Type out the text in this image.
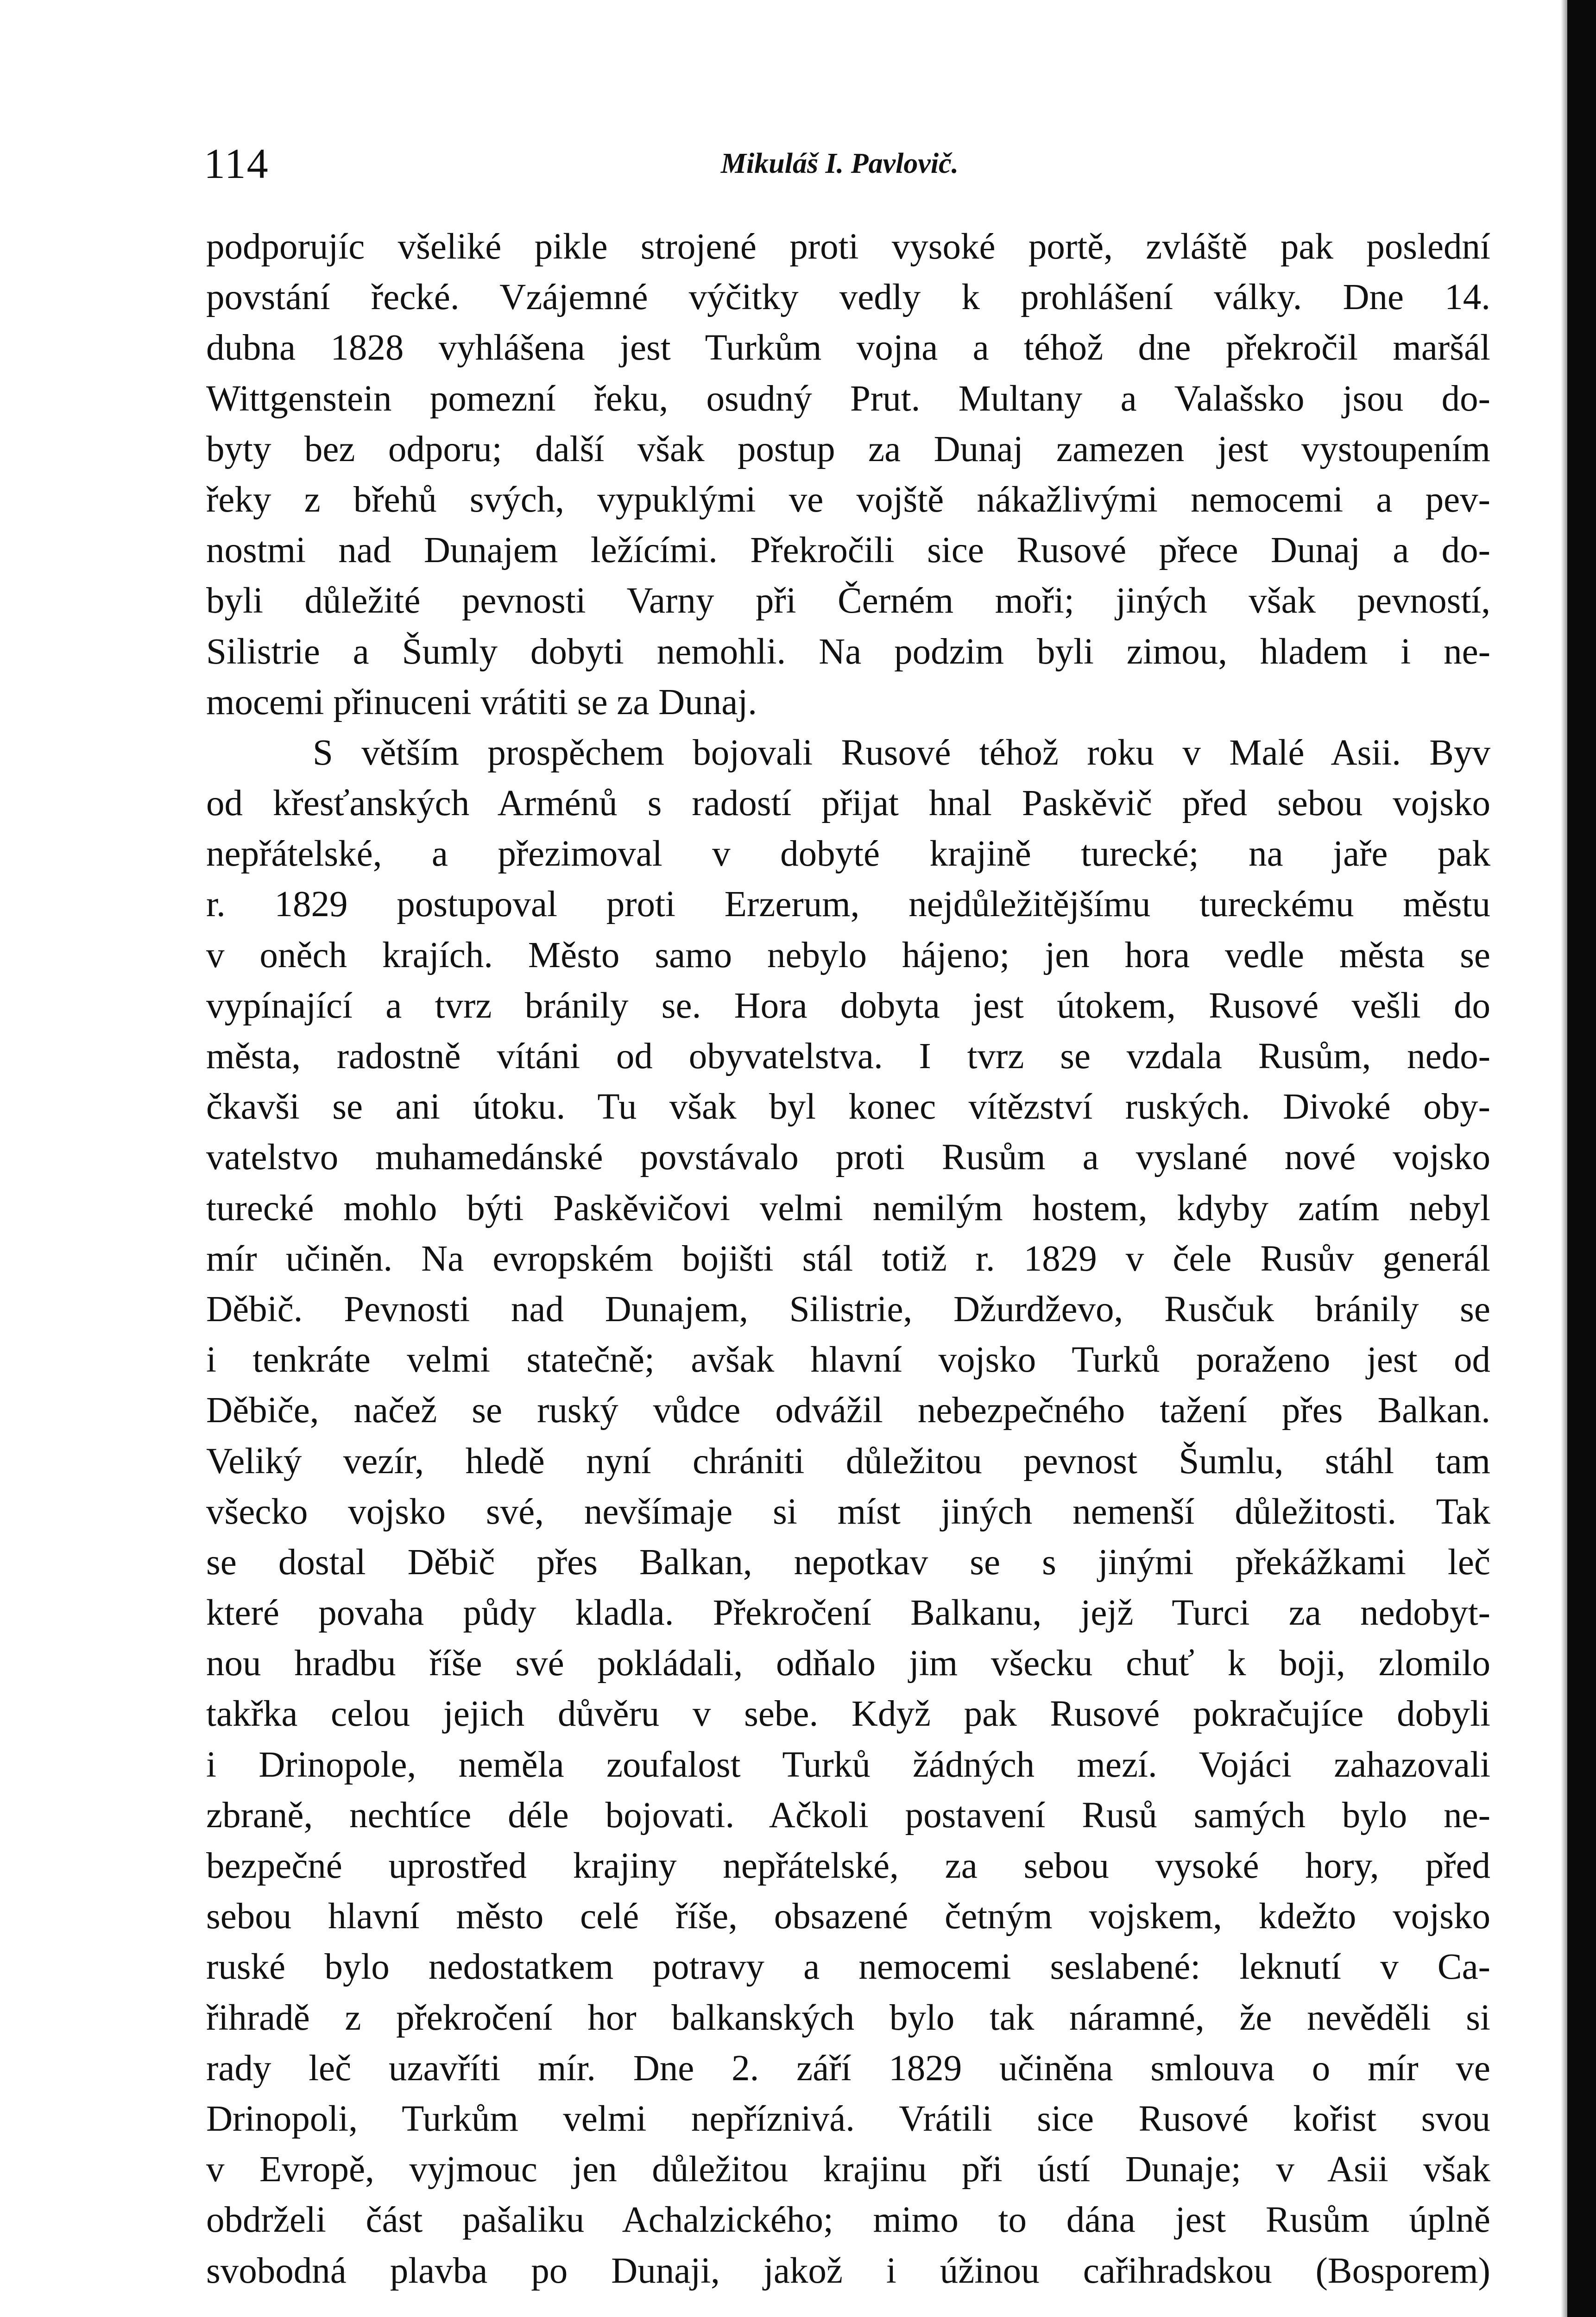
114	Mikuláš I. Pavlovič.
podporujíc všeliké pikle strojené proti vysoké portě, zvláště pak poslední
povstání řecké. Vzájemné výčitky vedly k prohlášení války. Dne 14.
dubna 1828 vyhlášena jest Turkům vojna a téhož dne překročil maršál
Wittgenstein pomezní řeku, osudný Prut. Multany a Valašsko jsou do-
byty bez odporu; další však postup za Dunaj zamezen jest vystoupením
řeky z břehů svých, vypuklými ve vojště nákažlivými nemocemi a pev-
nostmi nad Dunajem ležícími. Překročili sice Rusové přece Dunaj a do-
byli důležité pevnosti Varny při Černém moři; jiných však pevností,
Silistrie a Šumly dobyti nemohli. Na podzim byli zimou, hladem i ne-
mocemi přinuceni vrátiti se za Dunaj.
S větším prospěchem bojovali Rusové téhož roku v Malé Asii. Byv
od křesťanských Arménů s radostí přijat hnal Paskěvič před sebou vojsko
nepřátelské, a přezimoval v dobyté krajině turecké; na jaře pak
r. 1829 postupoval proti Erzerum, nejdůležitějšímu tureckému městu
v oněch krajích. Město samo nebylo hájeno; jen hora vedle města se
vypínající a tvrz bránily se. Hora dobyta jest útokem, Rusové vešli do
města, radostně vítáni od obyvatelstva. I tvrz se vzdala Rusům, nedo-
čkavši se ani útoku. Tu však byl konec vítězství ruských. Divoké oby-
vatelstvo muhamedánské povstávalo proti Rusům a vyslané nové vojsko
turecké mohlo býti Paskěvičovi velmi nemilým hostem, kdyby zatím nebyl
mír učiněn. Na evropském bojišti stál totiž r. 1829 v čele Rusův generál
Děbič. Pevnosti nad Dunajem, Silistrie, Džurdževo, Rusčuk bránily se
i tenkráte velmi statečně; avšak hlavní vojsko Turků poraženo jest od
Děbiče, načež se ruský vůdce odvážil nebezpečného tažení přes Balkan.
Veliký vezír, hledě nyní chrániti důležitou pevnost Šumlu, stáhl tam
všecko vojsko své, nevšímaje si míst jiných nemenší důležitosti. Tak
se dostal Děbič přes Balkan, nepotkav se s jinými překážkami leč
které povaha půdy kladla. Překročení Balkanu, jejž Turci za nedobyt-
nou hradbu říše své pokládali, odňalo jim všecku chuť k boji, zlomilo
takřka celou jejich důvěru v sebe. Když pak Rusové pokračujíce dobyli
i Drinopole, neměla zoufalost Turků žádných mezí. Vojáci zahazovali
zbraně, nechtíce déle bojovati. Ačkoli postavení Rusů samých bylo ne-
bezpečné uprostřed krajiny nepřátelské, za sebou vysoké hory, před
sebou hlavní město celé říše, obsazené četným vojskem, kdežto vojsko
ruské bylo nedostatkem potravy a nemocemi seslabené: leknutí v Ca-
řihradě z překročení hor balkanských bylo tak náramné, že nevěděli si
rady leč uzavříti mír. Dne 2. září 1829 učiněna smlouva o mír ve
Drinopoli, Turkům velmi nepříznivá. Vrátili sice Rusové kořist svou
v Evropě, vyjmouc jen důležitou krajinu při ústí Dunaje; v Asii však
obdrželi část pašaliku Achalzického; mimo to dána jest Rusům úplně
svobodná plavba po Dunaji, jakož i úžinou cařihradskou (Bosporem)
